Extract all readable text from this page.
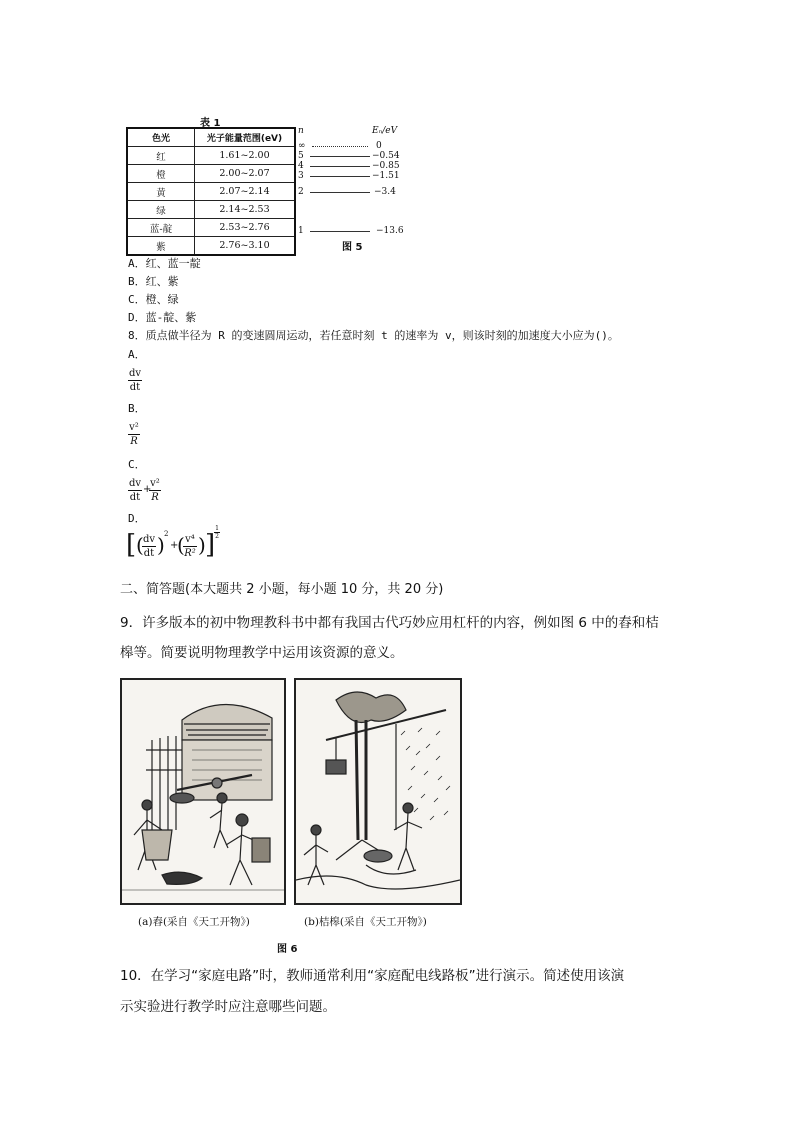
表 1
色光	光子能量范围(eV)
红	1.61~2.00
橙	2.00~2.07
黄	2.07~2.14
绿	2.14~2.53
蓝-靛	2.53~2.76
紫	2.76~3.10
n	Eₙ/eV
∞	0
5	−0.54
4	−0.85
3	−1.51
2	−3.4
1	−13.6
图 5
A．红、蓝一靛
B．红、紫
C．橙、绿
D．蓝-靛、紫
8．质点做半径为 R 的变速圆周运动，若任意时刻 t 的速率为 v，则该时刻的加速度大小应为()。
A．
dv
dt
B．
v²
R
C．
dv
dt
+
v²
R
D．
[ ( dv
dt ) 2
+
( v⁴
R² ) ]
1
2
二、简答题(本大题共 2 小题，每小题 10 分，共 20 分)
9．许多版本的初中物理教科书中都有我国古代巧妙应用杠杆的内容，例如图 6 中的舂和桔
槔等。简要说明物理教学中运用该资源的意义。
(a)舂(采自《天工开物》)	(b)桔槔(采自《天工开物》)
图 6
10．在学习“家庭电路”时，教师通常利用“家庭配电线路板”进行演示。简述使用该演
示实验进行教学时应注意哪些问题。
